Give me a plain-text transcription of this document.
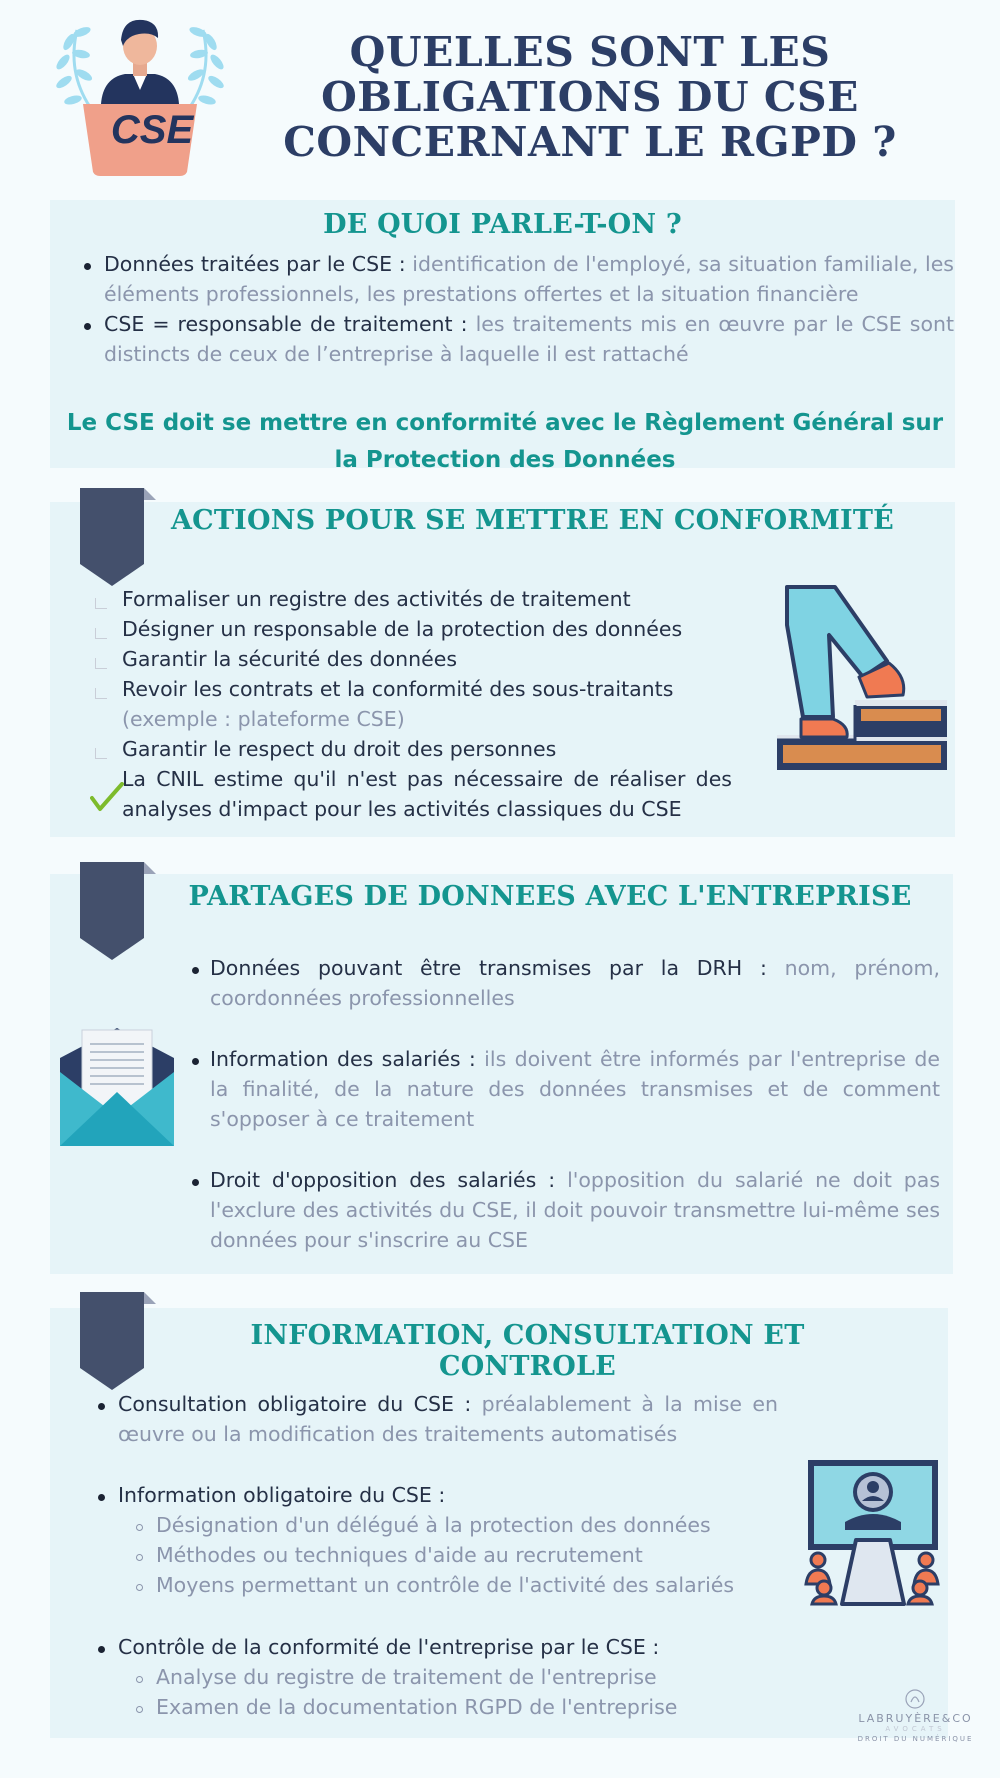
CSE
QUELLES SONT LES
OBLIGATIONS DU CSE
CONCERNANT LE RGPD ?
DE QUOI PARLE-T-ON ?
Données traitées par le CSE : identification de l'employé, sa situation familiale, les éléments professionnels, les prestations offertes et la situation financière
CSE = responsable de traitement : les traitements mis en œuvre par le CSE sont distincts de ceux de l’entreprise à laquelle il est rattaché
Le CSE doit se mettre en conformité avec le Règlement Général sur la Protection des Données
ACTIONS POUR SE METTRE EN CONFORMITÉ
Formaliser un registre des activités de traitement
Désigner un responsable de la protection des données
Garantir la sécurité des données
Revoir les contrats et la conformité des sous-traitants
(exemple : plateforme CSE)
Garantir le respect du droit des personnes
La CNIL estime qu'il n'est pas nécessaire de réaliser des analyses d'impact pour les activités classiques du CSE
PARTAGES DE DONNEES AVEC L'ENTREPRISE
Données pouvant être transmises par la DRH : nom, prénom, coordonnées professionnelles
Information des salariés : ils doivent être informés par l'entreprise de la finalité, de la nature des données transmises et de comment s'opposer à ce traitement
Droit d'opposition des salariés : l'opposition du salarié ne doit pas l'exclure des activités du CSE, il doit pouvoir transmettre lui-même ses données pour s'inscrire au CSE
INFORMATION, CONSULTATION ET CONTROLE
Consultation obligatoire du CSE : préalablement à la mise en œuvre ou la modification des traitements automatisés
Information obligatoire du CSE :
Désignation d'un délégué à la protection des données
Méthodes ou techniques d'aide au recrutement
Moyens permettant un contrôle de l'activité des salariés
Contrôle de la conformité de l'entreprise par le CSE :
Analyse du registre de traitement de l'entreprise
Examen de la documentation RGPD de l'entreprise	LABRUYÈRE&CO
AVOCATS
DROIT DU NUMÉRIQUE
